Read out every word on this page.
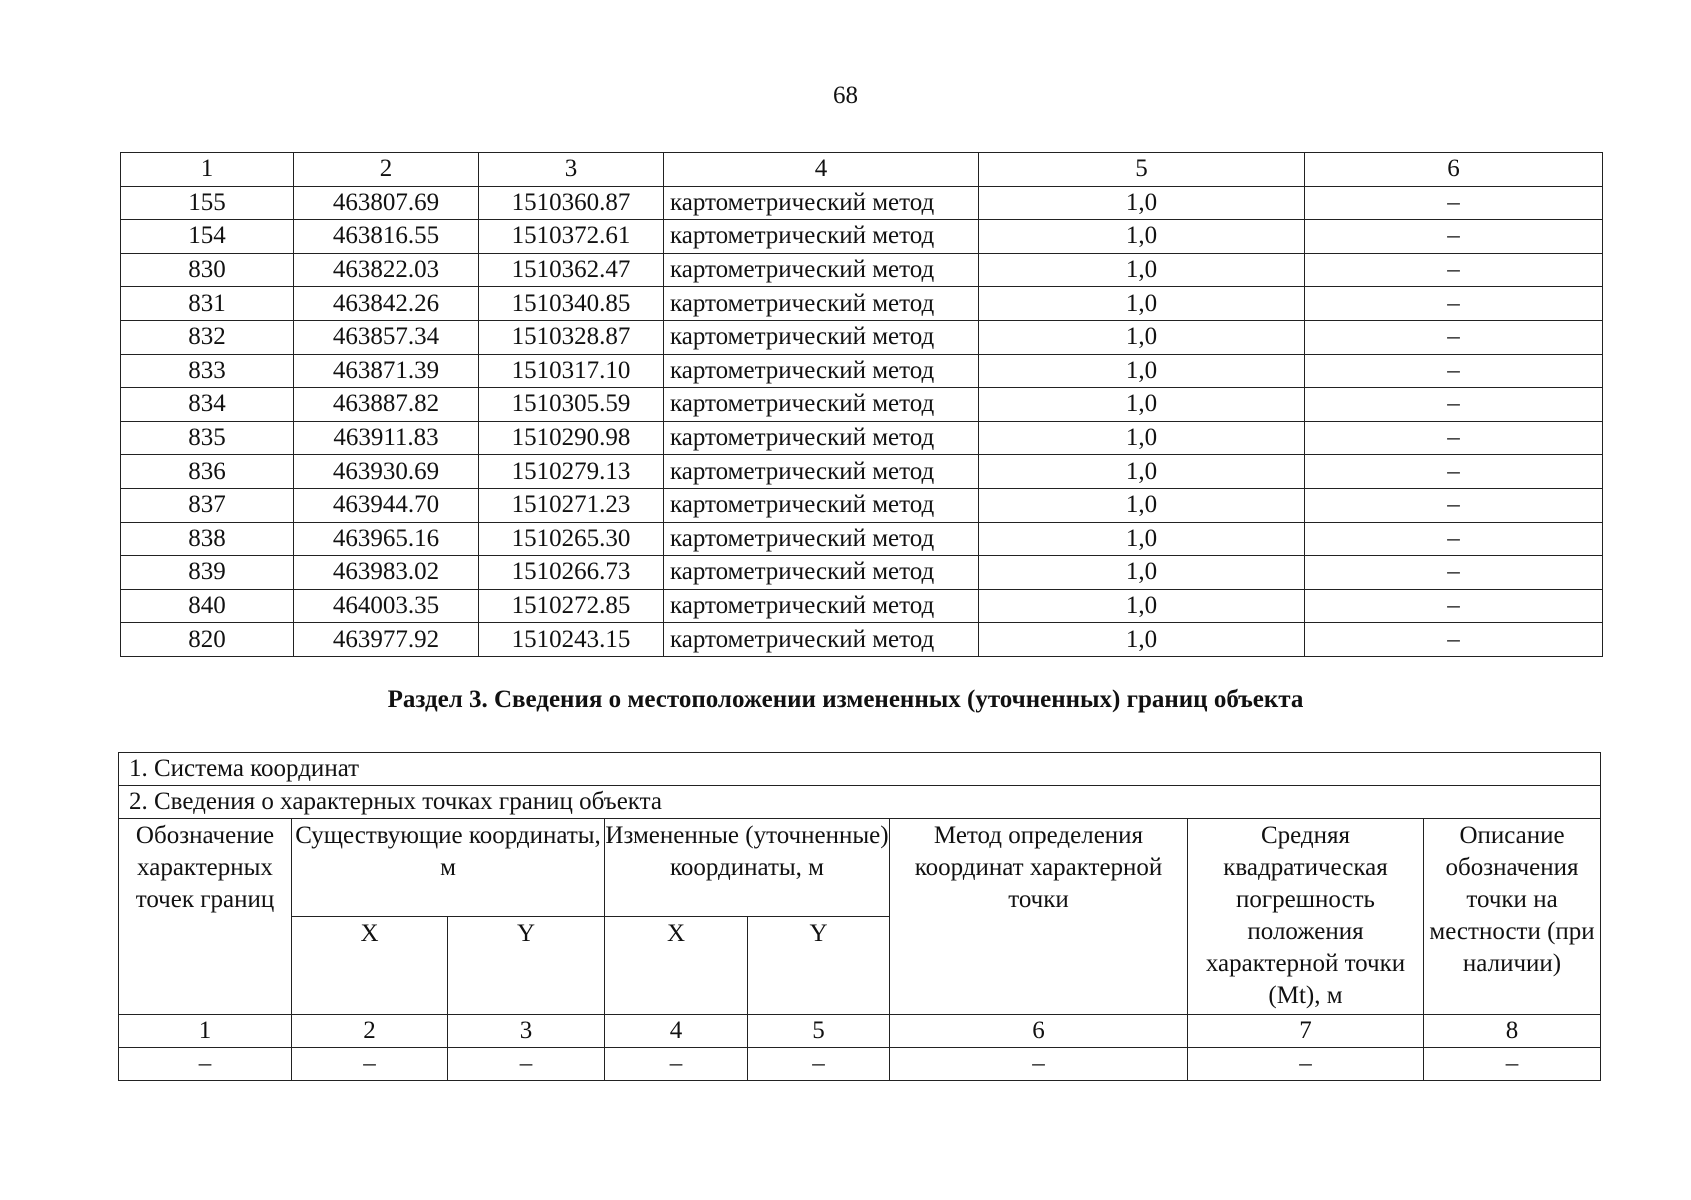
68
1	2	3	4	5	6
155	463807.69	1510360.87	картометрический метод	1,0	–
154	463816.55	1510372.61	картометрический метод	1,0	–
830	463822.03	1510362.47	картометрический метод	1,0	–
831	463842.26	1510340.85	картометрический метод	1,0	–
832	463857.34	1510328.87	картометрический метод	1,0	–
833	463871.39	1510317.10	картометрический метод	1,0	–
834	463887.82	1510305.59	картометрический метод	1,0	–
835	463911.83	1510290.98	картометрический метод	1,0	–
836	463930.69	1510279.13	картометрический метод	1,0	–
837	463944.70	1510271.23	картометрический метод	1,0	–
838	463965.16	1510265.30	картометрический метод	1,0	–
839	463983.02	1510266.73	картометрический метод	1,0	–
840	464003.35	1510272.85	картометрический метод	1,0	–
820	463977.92	1510243.15	картометрический метод	1,0	–
Раздел 3. Сведения о местоположении измененных (уточненных) границ объекта
1. Система координат							
2. Сведения о характерных точках границ объекта							
Обозначение характерных точек границ	Существующие координаты, м		Измененные (уточненные) координаты, м		Метод определения координат характерной точки	Средняя квадратическая погрешность положения характерной точки (Mt), м	Описание обозначения точки на местности (при наличии)
	X	Y	X	Y			
1	2	3	4	5	6	7	8
–	–	–	–	–	–	–	–
